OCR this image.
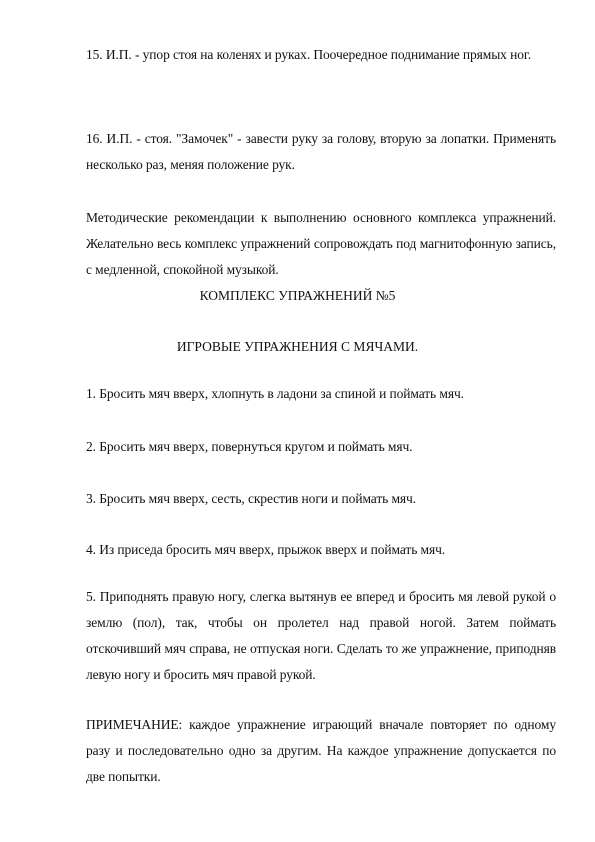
15. И.П. - упор стоя на коленях и руках. Поочередное поднимание прямых ног.

16. И.П. - стоя. "Замочек" - завести руку за голову, вторую за лопатки. Применять несколько раз, меняя положение рук.

Методические рекомендации к выполнению основного комплекса упражнений. Желательно весь комплекс упражнений сопровождать под магнитофонную запись, с медленной, спокойной музыкой.

КОМПЛЕКС УПРАЖНЕНИЙ №5
ИГРОВЫЕ УПРАЖНЕНИЯ С МЯЧАМИ.

1. Бросить мяч вверх, хлопнуть в ладони за спиной и поймать мяч.

2. Бросить мяч вверх, повернуться кругом и поймать мяч.

3. Бросить мяч вверх, сесть, скрестив ноги и поймать мяч.

4. Из приседа бросить мяч вверх, прыжок вверх и поймать мяч.

5. Приподнять правую ногу, слегка вытянув ее вперед и бросить мя левой рукой о землю (пол), так, чтобы он пролетел над правой ногой. Затем поймать отскочивший мяч справа, не отпуская ноги. Сделать то же упражнение, приподняв левую ногу и бросить мяч правой рукой.

ПРИМЕЧАНИЕ: каждое упражнение играющий вначале повторяет по одному разу и последовательно одно за другим. На каждое упражнение допускается по две попытки.
